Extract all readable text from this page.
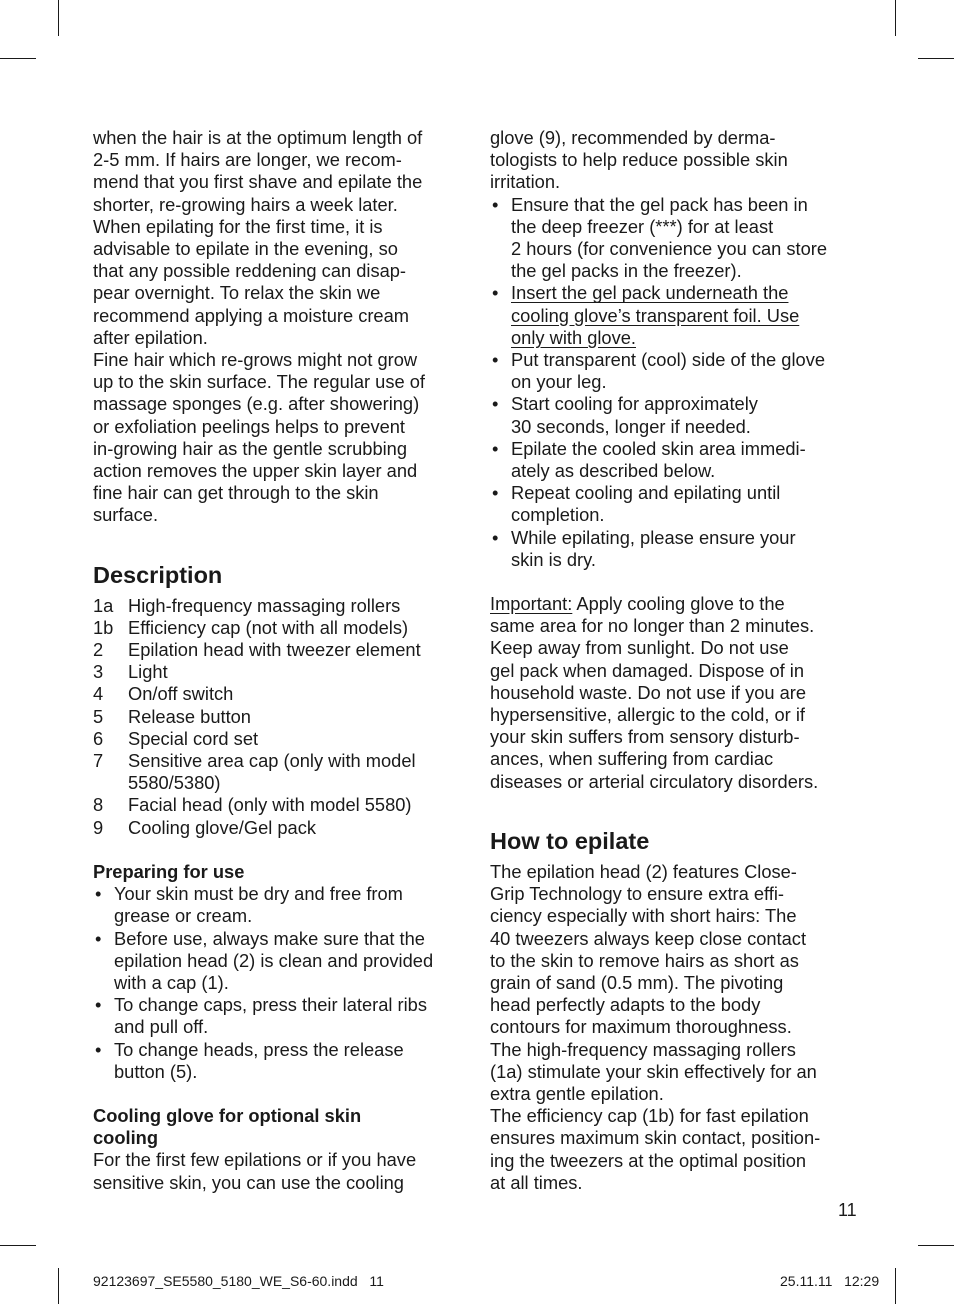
when the hair is at the optimum length of

2-5 mm. If hairs are longer, we recom-

mend that you first shave and epilate the

shorter, re-growing hairs a week later.

When epilating for the first time, it is

advisable to epilate in the evening, so

that any possible reddening can disap-

pear overnight. To relax the skin we

recommend applying a moisture cream

after epilation.

Fine hair which re-grows might not grow

up to the skin surface. The regular use of

massage sponges (e.g. after showering)

or exfoliation peelings helps to prevent

in-growing hair as the gentle scrubbing

action removes the upper skin layer and

fine hair can get through to the skin

surface.

Description

1a High-frequency massaging rollers
1b Efficiency cap (not with all models)
2 Epilation head with tweezer element
3 Light
4 On/off switch
5 Release button
6 Special cord set
7 Sensitive area cap (only with model
5580/5380)
8 Facial head (only with model 5580)
9 Cooling glove/Gel pack

Preparing for use

• Your skin must be dry and free from
grease or cream.
• Before use, always make sure that the
epilation head (2) is clean and provided
with a cap (1).
• To change caps, press their lateral ribs
and pull off.
• To change heads, press the release
button (5).

Cooling glove for optional skin
cooling

For the first few epilations or if you have

sensitive skin, you can use the cooling

glove (9), recommended by derma-

tologists to help reduce possible skin

irritation.

• Ensure that the gel pack has been in
the deep freezer (***) for at least
2 hours (for convenience you can store
the gel packs in the freezer).
• Insert the gel pack underneath the
cooling glove’s transparent foil. Use
only with glove.
• Put transparent (cool) side of the glove
on your leg.
• Start cooling for approximately
30 seconds, longer if needed.
• Epilate the cooled skin area immedi-
ately as described below.
• Repeat cooling and epilating until
completion.
• While epilating, please ensure your
skin is dry.

Important: Apply cooling glove to the

same area for no longer than 2 minutes.

Keep away from sunlight. Do not use

gel pack when damaged. Dispose of in

household waste. Do not use if you are

hypersensitive, allergic to the cold, or if

your skin suffers from sensory disturb-

ances, when suffering from cardiac

diseases or arterial circulatory disorders.

How to epilate

The epilation head (2) features Close-

Grip Technology to ensure extra effi-

ciency especially with short hairs: The

40 tweezers always keep close contact

to the skin to remove hairs as short as

grain of sand (0.5 mm). The pivoting

head perfectly adapts to the body

contours for maximum thoroughness.

The high-frequency massaging rollers

(1a) stimulate your skin effectively for an

extra gentle epilation.

The efficiency cap (1b) for fast epilation

ensures maximum skin contact, position-

ing the tweezers at the optimal position

at all times.

11
92123697_SE5580_5180_WE_S6-60.indd   11	25.11.11   12:29
